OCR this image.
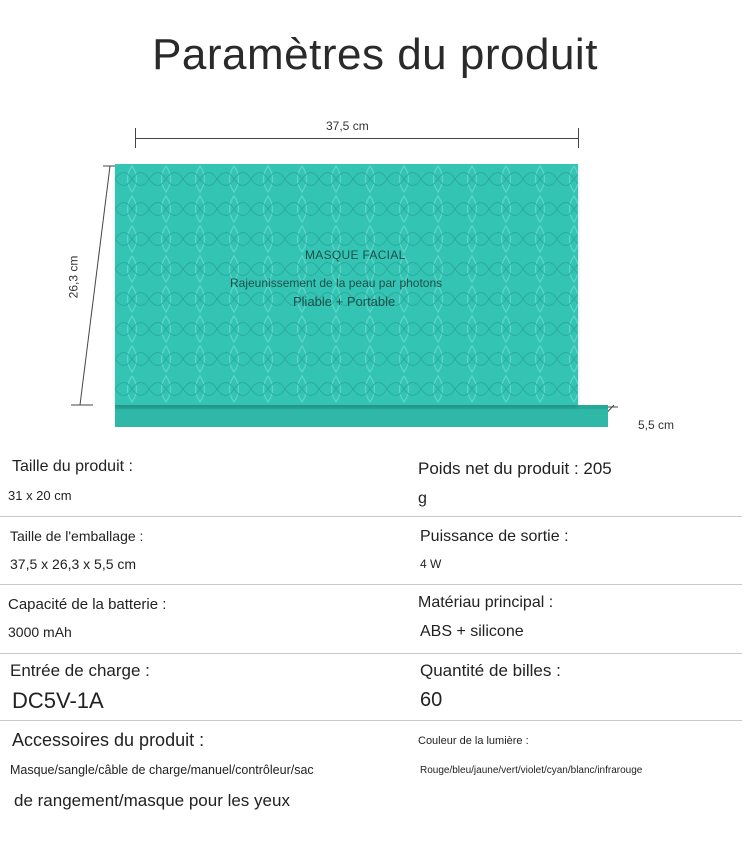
Paramètres du produit
37,5 cm
26,3 cm
5,5 cm
MASQUE FACIAL
Rajeunissement de la peau par photons
Pliable + Portable
Taille du produit :
31 x 20 cm
Poids net du produit : 205
g
Taille de l'emballage :
37,5 x 26,3 x 5,5 cm
Puissance de sortie :
4 W
Capacité de la batterie :
3000 mAh
Matériau principal :
ABS + silicone
Entrée de charge :
DC5V-1A
Quantité de billes :
60
Accessoires du produit :
Masque/sangle/câble de charge/manuel/contrôleur/sac
de rangement/masque pour les yeux
Couleur de la lumière :
Rouge/bleu/jaune/vert/violet/cyan/blanc/infrarouge
